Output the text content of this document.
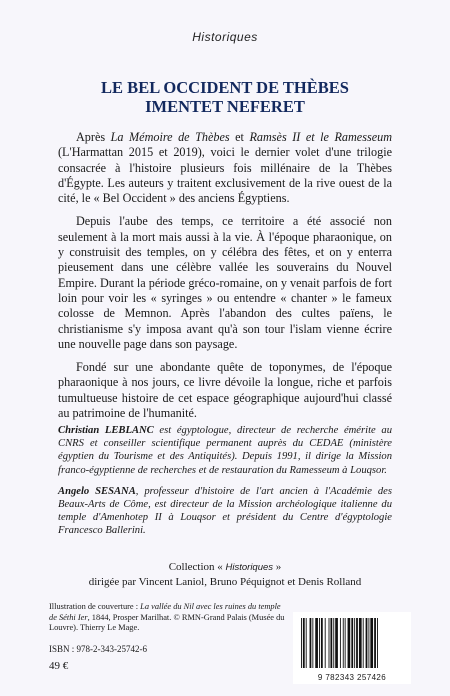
Historiques
LE BEL OCCIDENT DE THÈBES
IMENTET NEFERET

Après La Mémoire de Thèbes et Ramsès II et le Ramesseum (L'Harmattan 2015 et 2019), voici le dernier volet d'une trilogie consacrée à l'histoire plusieurs fois millénaire de la Thèbes d'Égypte. Les auteurs y traitent exclusivement de la rive ouest de la cité, le « Bel Occident » des anciens Égyptiens.

Depuis l'aube des temps, ce territoire a été associé non seulement à la mort mais aussi à la vie. À l'époque pharaonique, on y construisit des temples, on y célébra des fêtes, et on y enterra pieusement dans une célèbre vallée les souverains du Nouvel Empire. Durant la période gréco-romaine, on y venait parfois de fort loin pour voir les « syringes » ou entendre « chanter » le fameux colosse de Memnon. Après l'abandon des cultes païens, le christianisme s'y imposa avant qu'à son tour l'islam vienne écrire une nouvelle page dans son paysage.

Fondé sur une abondante quête de toponymes, de l'époque pharaonique à nos jours, ce livre dévoile la longue, riche et parfois tumultueuse histoire de cet espace géographique aujourd'hui classé au patrimoine de l'humanité.

Christian LEBLANC est égyptologue, directeur de recherche émérite au CNRS et conseiller scientifique permanent auprès du CEDAE (ministère égyptien du Tourisme et des Antiquités). Depuis 1991, il dirige la Mission franco-égyptienne de recherches et de restauration du Ramesseum à Louqsor.

Angelo SESANA, professeur d'histoire de l'art ancien à l'Académie des Beaux-Arts de Côme, est directeur de la Mission archéologique italienne du temple d'Amenhotep II à Louqsor et président du Centre d'égyptologie Francesco Ballerini.

Collection « Historiques »
dirigée par Vincent Laniol, Bruno Péquignot et Denis Rolland
Illustration de couverture : La vallée du Nil avec les ruines du temple de Séthi Ier, 1844, Prosper Marilhat. © RMN-Grand Palais (Musée du Louvre). Thierry Le Mage.
ISBN : 978-2-343-25742-6
49 €
9 782343 257426
